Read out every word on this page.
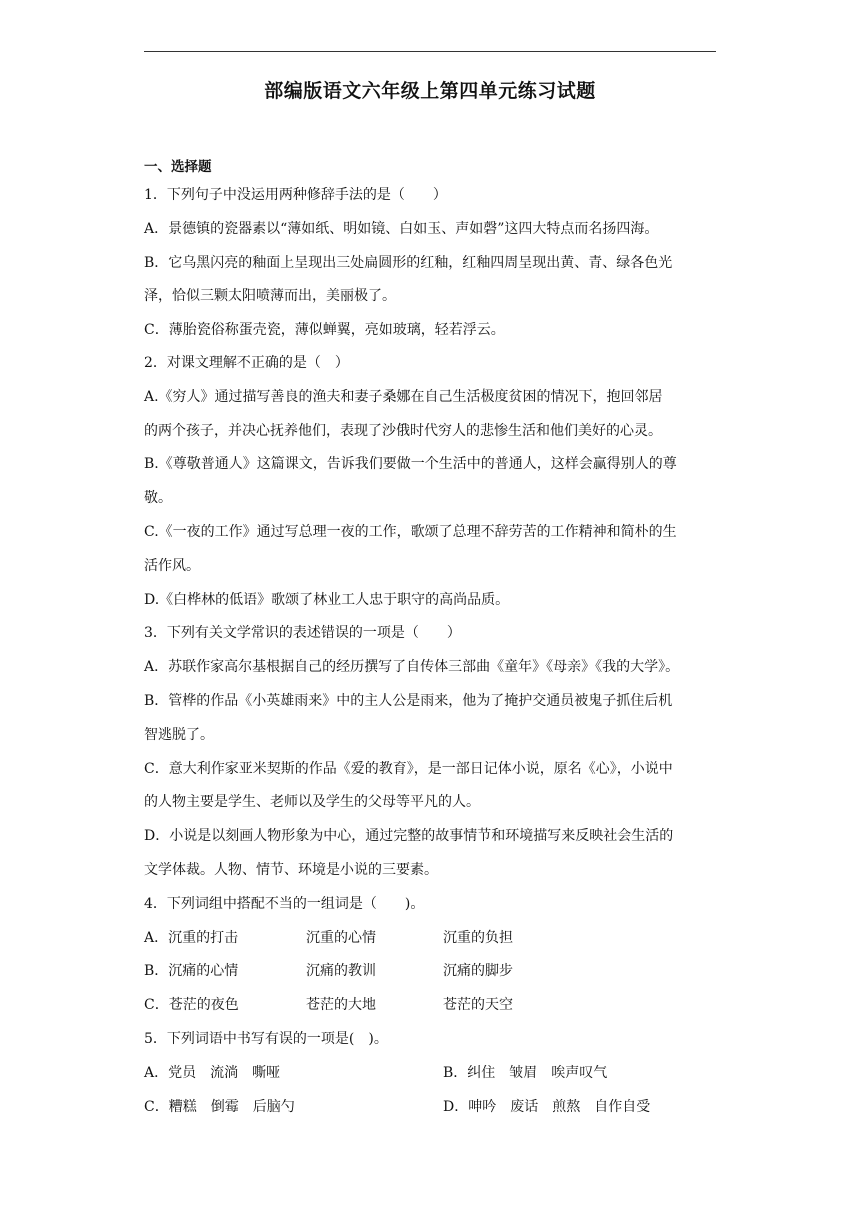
部编版语文六年级上第四单元练习试题
一、选择题
1．下列句子中没运用两种修辞手法的是（　　）
A．景德镇的瓷器素以“薄如纸、明如镜、白如玉、声如磬”这四大特点而名扬四海。
B．它乌黑闪亮的釉面上呈现出三处扁圆形的红釉，红釉四周呈现出黄、青、绿各色光
泽，恰似三颗太阳喷薄而出，美丽极了。
C．薄胎瓷俗称蛋壳瓷，薄似蝉翼，亮如玻璃，轻若浮云。
2．对课文理解不正确的是（　）
A.《穷人》通过描写善良的渔夫和妻子桑娜在自己生活极度贫困的情况下，抱回邻居
的两个孩子，并决心抚养他们，表现了沙俄时代穷人的悲惨生活和他们美好的心灵。
B.《尊敬普通人》这篇课文，告诉我们要做一个生活中的普通人，这样会赢得别人的尊
敬。
C.《一夜的工作》通过写总理一夜的工作，歌颂了总理不辞劳苦的工作精神和简朴的生
活作风。
D.《白桦林的低语》歌颂了林业工人忠于职守的高尚品质。
3．下列有关文学常识的表述错误的一项是（　　）
A．苏联作家高尔基根据自己的经历撰写了自传体三部曲《童年》《母亲》《我的大学》。
B．管桦的作品《小英雄雨来》中的主人公是雨来，他为了掩护交通员被鬼子抓住后机
智逃脱了。
C．意大利作家亚米契斯的作品《爱的教育》，是一部日记体小说，原名《心》，小说中
的人物主要是学生、老师以及学生的父母等平凡的人。
D．小说是以刻画人物形象为中心，通过完整的故事情节和环境描写来反映社会生活的
文学体裁。人物、情节、环境是小说的三要素。
4．下列词组中搭配不当的一组词是（　　)。
A．沉重的打击	沉重的心情	沉重的负担
B．沉痛的心情	沉痛的教训	沉痛的脚步
C．苍茫的夜色	苍茫的大地	苍茫的天空
5．下列词语中书写有误的一项是(　)。
A．党员　流淌　嘶哑	B．纠住　皱眉　唉声叹气
C．糟糕　倒霉　后脑勺	D．呻吟　废话　煎熬　自作自受
